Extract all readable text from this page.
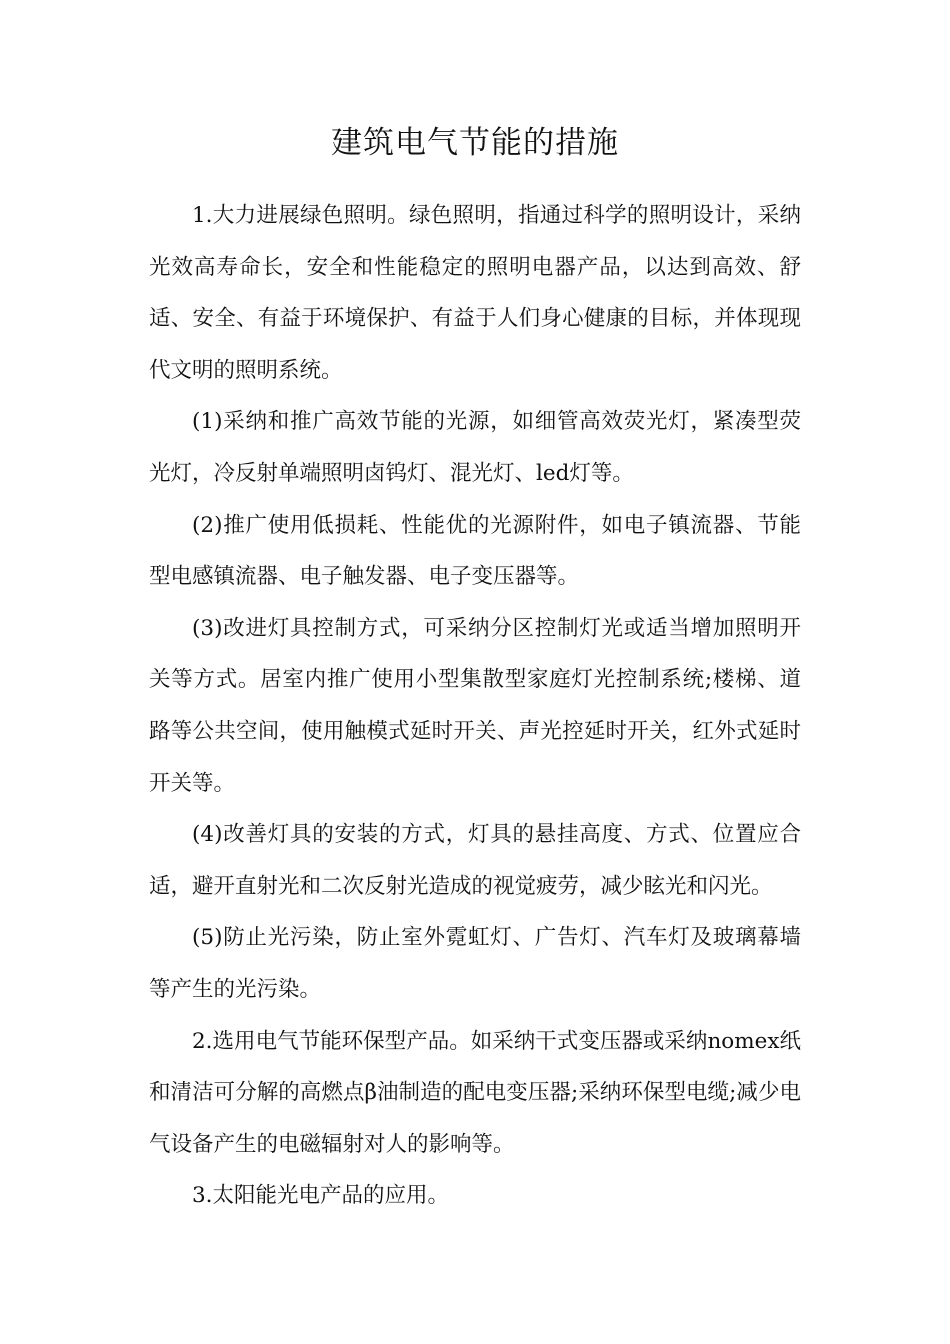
建筑电气节能的措施

1.大力进展绿色照明。绿色照明，指通过科学的照明设计，采纳光效高寿命长，安全和性能稳定的照明电器产品，以达到高效、舒适、安全、有益于环境保护、有益于人们身心健康的目标，并体现现代文明的照明系统。

(1)采纳和推广高效节能的光源，如细管高效荧光灯，紧凑型荧光灯，冷反射单端照明卤钨灯、混光灯、led灯等。

(2)推广使用低损耗、性能优的光源附件，如电子镇流器、节能型电感镇流器、电子触发器、电子变压器等。

(3)改进灯具控制方式，可采纳分区控制灯光或适当增加照明开关等方式。居室内推广使用小型集散型家庭灯光控制系统;楼梯、道路等公共空间，使用触模式延时开关、声光控延时开关，红外式延时开关等。

(4)改善灯具的安装的方式，灯具的悬挂高度、方式、位置应合适，避开直射光和二次反射光造成的视觉疲劳，减少眩光和闪光。

(5)防止光污染，防止室外霓虹灯、广告灯、汽车灯及玻璃幕墙等产生的光污染。

2.选用电气节能环保型产品。如采纳干式变压器或采纳nomex纸和清洁可分解的高燃点β油制造的配电变压器;采纳环保型电缆;减少电气设备产生的电磁辐射对人的影响等。

3.太阳能光电产品的应用。
